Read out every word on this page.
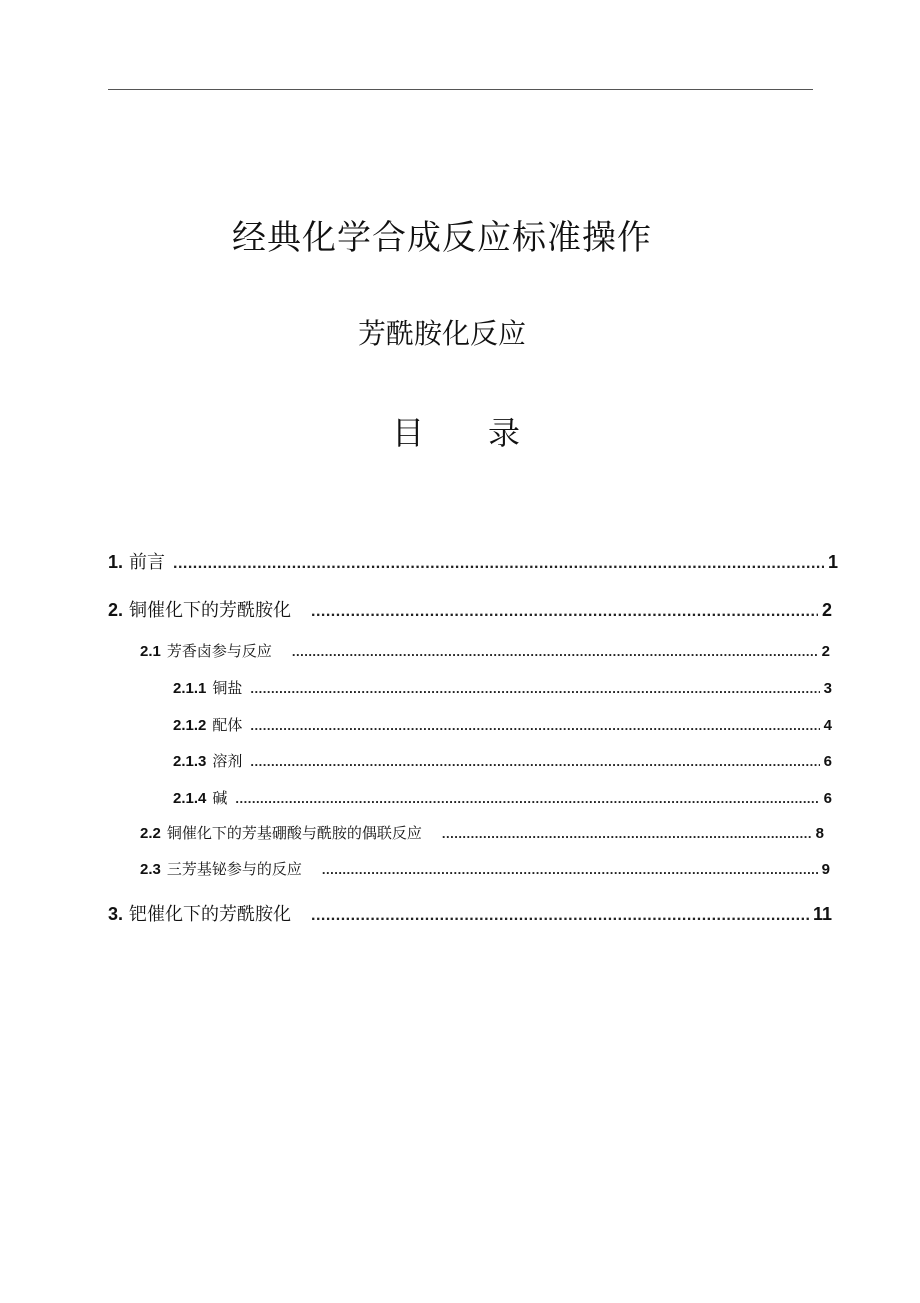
经典化学合成反应标准操作
芳酰胺化反应
目 录
1. 前言 .....	1
2. 铜催化下的芳酰胺化 .....	2
2.1 芳香卤参与反应 .....	2
2.1.1 铜盐 .....	3
2.1.2 配体 .....	4
2.1.3 溶剂 .....	6
2.1.4 碱 .....	6
2.2 铜催化下的芳基硼酸与酰胺的偶联反应 .....	8
2.3 三芳基铋参与的反应 .....	9
3. 钯催化下的芳酰胺化 .....	11
